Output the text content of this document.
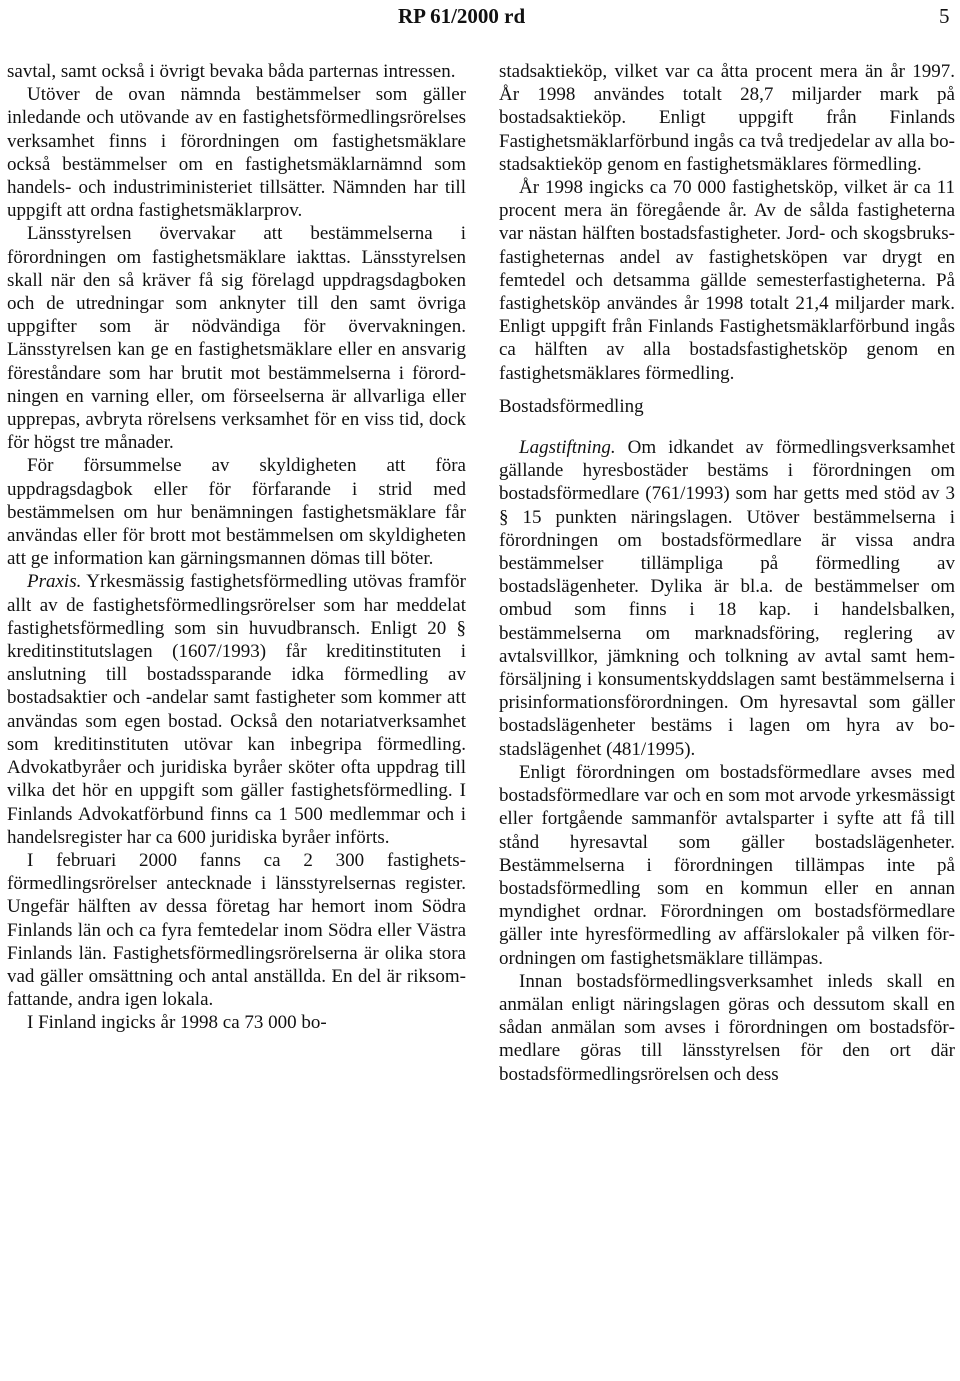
RP 61/2000 rd	5

savtal, samt också i övrigt bevaka båda parternas intressen.

Utöver de ovan nämnda bestämmelser som gäller inledande och utövande av en fastighetsförmedlingsrörelses verksamhet finns i förordningen om fastighetsmäklare också bestämmelser om en fastighetsmäklarnämnd som handels- och industriministeriet tillsätter. Nämnden har till uppgift att ordna fastighetsmäklarprov.

Länsstyrelsen övervakar att bestämmelserna i förordningen om fastighetsmäklare iakttas. Länsstyrelsen skall när den så kräver få sig förelagd uppdragsdagboken och de utredningar som anknyter till den samt övriga uppgifter som är nödvändiga för övervakningen. Länsstyrelsen kan ge en fastighetsmäklare eller en ansvarig föreståndare som har brutit mot bestämmelserna i förordningen en varning eller, om förseelserna är allvarliga eller upprepas, avbryta rörelsens verksamhet för en viss tid, dock för högst tre månader.

För försummelse av skyldigheten att föra uppdragsdagbok eller för förfarande i strid med bestämmelsen om hur benämningen fastighetsmäklare får användas eller för brott mot bestämmelsen om skyldigheten att ge information kan gärningsmannen dömas till böter.

Praxis. Yrkesmässig fastighetsförmedling utövas framför allt av de fastighetsförmedlingsrörelser som har meddelat fastighetsförmedling som sin huvudbransch. Enligt 20 § kreditinstitutslagen (1607/1993) får kreditinstituten i anslutning till bostadssparande idka förmedling av bostadsaktier och -andelar samt fastigheter som kommer att användas som egen bostad. Också den notariatverksamhet som kreditinstituten utövar kan inbegripa förmedling. Advokatbyråer och juridiska byråer sköter ofta uppdrag till vilka det hör en uppgift som gäller fastighetsförmedling. I Finlands Advokatförbund finns ca 1 500 medlemmar och i handelsregister har ca 600 juridiska byråer införts.

I februari 2000 fanns ca 2 300 fastighetsförmedlingsrörelser antecknade i länsstyrelsernas register. Ungefär hälften av dessa företag har hemort inom Södra Finlands län och ca fyra femtedelar inom Södra eller Västra Finlands län. Fastighetsförmedlingsrörelserna är olika stora vad gäller omsättning och antal anställda. En del är riksomfattande, andra igen lokala.

I Finland ingicks år 1998 ca 73 000 bo-

stadsaktieköp, vilket var ca åtta procent mera än år 1997. År 1998 användes totalt 28,7 miljarder mark på bostadsaktieköp. Enligt uppgift från Finlands Fastighetsmäklarförbund ingås ca två tredjedelar av alla bostadsaktieköp genom en fastighetsmäklares förmedling.

År 1998 ingicks ca 70 000 fastighetsköp, vilket är ca 11 procent mera än föregående år. Av de sålda fastigheterna var nästan hälften bostadsfastigheter. Jord- och skogsbruksfastigheternas andel av fastighetsköpen var drygt en femtedel och detsamma gällde semesterfastigheterna. På fastighetsköp användes år 1998 totalt 21,4 miljarder mark. Enligt uppgift från Finlands Fastighetsmäklarförbund ingås ca hälften av alla bostadsfastighetsköp genom en fastighetsmäklares förmedling.

Bostadsförmedling

Lagstiftning. Om idkandet av förmedlingsverksamhet gällande hyresbostäder bestäms i förordningen om bostadsförmedlare (761/1993) som har getts med stöd av 3 § 15 punkten näringslagen. Utöver bestämmelserna i förordningen om bostadsförmedlare är vissa andra bestämmelser tillämpliga på förmedling av bostadslägenheter. Dylika är bl.a. de bestämmelser om ombud som finns i 18 kap. i handelsbalken, bestämmelserna om marknadsföring, reglering av avtalsvillkor, jämkning och tolkning av avtal samt hemförsäljning i konsumentskyddslagen samt bestämmelserna i prisinformationsförordningen. Om hyresavtal som gäller bostadslägenheter bestäms i lagen om hyra av bostadslägenhet (481/1995).

Enligt förordningen om bostadsförmedlare avses med bostadsförmedlare var och en som mot arvode yrkesmässigt eller fortgående sammanför avtalsparter i syfte att få till stånd hyresavtal som gäller bostadslägenheter. Bestämmelserna i förordningen tillämpas inte på bostadsförmedling som en kommun eller en annan myndighet ordnar. Förordningen om bostadsförmedlare gäller inte hyresförmedling av affärslokaler på vilken förordningen om fastighetsmäklare tillämpas.

Innan bostadsförmedlingsverksamhet inleds skall en anmälan enligt näringslagen göras och dessutom skall en sådan anmälan som avses i förordningen om bostadsförmedlare göras till länsstyrelsen för den ort där bostadsförmedlingsrörelsen och dess
